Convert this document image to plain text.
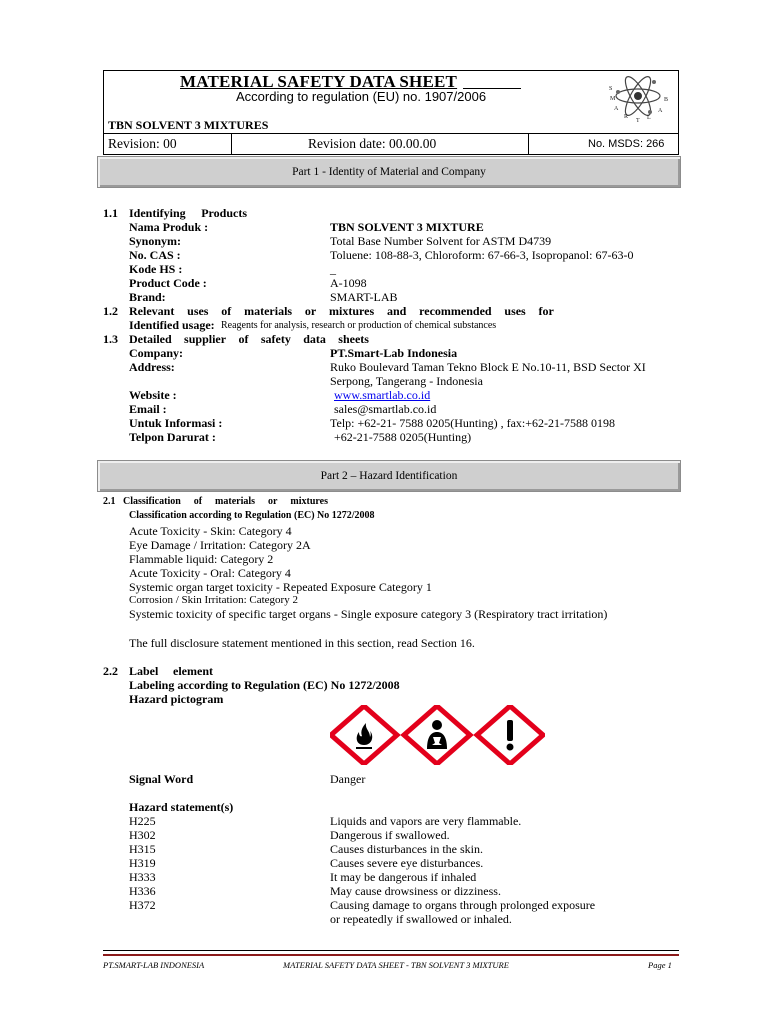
MATERIAL SAFETY DATA SHEET
According to regulation (EU) no. 1907/2006
TBN SOLVENT 3 MIXTURES
Revision: 00	Revision date: 00.00.00	No. MSDS: 266
S
M
A
R
T L
A
B
Part 1 - Identity of Material and Company
1.1 Identifying Products
Nama Produk :	TBN SOLVENT 3 MIXTURE
Synonym:	Total Base Number Solvent for ASTM D4739
No. CAS :	Toluene: 108-88-3, Chloroform: 67-66-3, Isopropanol: 67-63-0
Kode HS :	_
Product Code :	A-1098
Brand:	SMART-LAB
1.2 Relevant uses of materials or mixtures and recommended uses for
Identified usage: Reagents for analysis, research or production of chemical substances
1.3 Detailed supplier of safety data sheets
Company:	PT.Smart-Lab Indonesia
Address:	Ruko Boulevard Taman Tekno Block E No.10-11, BSD Sector XI
Serpong, Tangerang - Indonesia
Website :	www.smartlab.co.id
Email :	sales@smartlab.co.id
Untuk Informasi :	Telp: +62-21- 7588 0205(Hunting) , fax:+62-21-7588 0198
Telpon Darurat :	+62-21-7588 0205(Hunting)
Part 2 – Hazard Identification
2.1 Classification of materials or mixtures
Classification according to Regulation (EC) No 1272/2008
Acute Toxicity - Skin: Category 4
Eye Damage / Irritation: Category 2A
Flammable liquid: Category 2
Acute Toxicity - Oral: Category 4
Systemic organ target toxicity - Repeated Exposure Category 1
Corrosion / Skin Irritation: Category 2
Systemic toxicity of specific target organs - Single exposure category 3 (Respiratory tract irritation)
The full disclosure statement mentioned in this section, read Section 16.
2.2 Label element
Labeling according to Regulation (EC) No 1272/2008
Hazard pictogram
Signal Word	Danger
Hazard statement(s)
H225	Liquids and vapors are very flammable.
H302	Dangerous if swallowed.
H315	Causes disturbances in the skin.
H319	Causes severe eye disturbances.
H333	It may be dangerous if inhaled
H336	May cause drowsiness or dizziness.
H372	Causing damage to organs through prolonged exposure
or repeatedly if swallowed or inhaled.
PT.SMART-LAB INDONESIA	MATERIAL SAFETY DATA SHEET - TBN SOLVENT 3 MIXTURE	Page 1
